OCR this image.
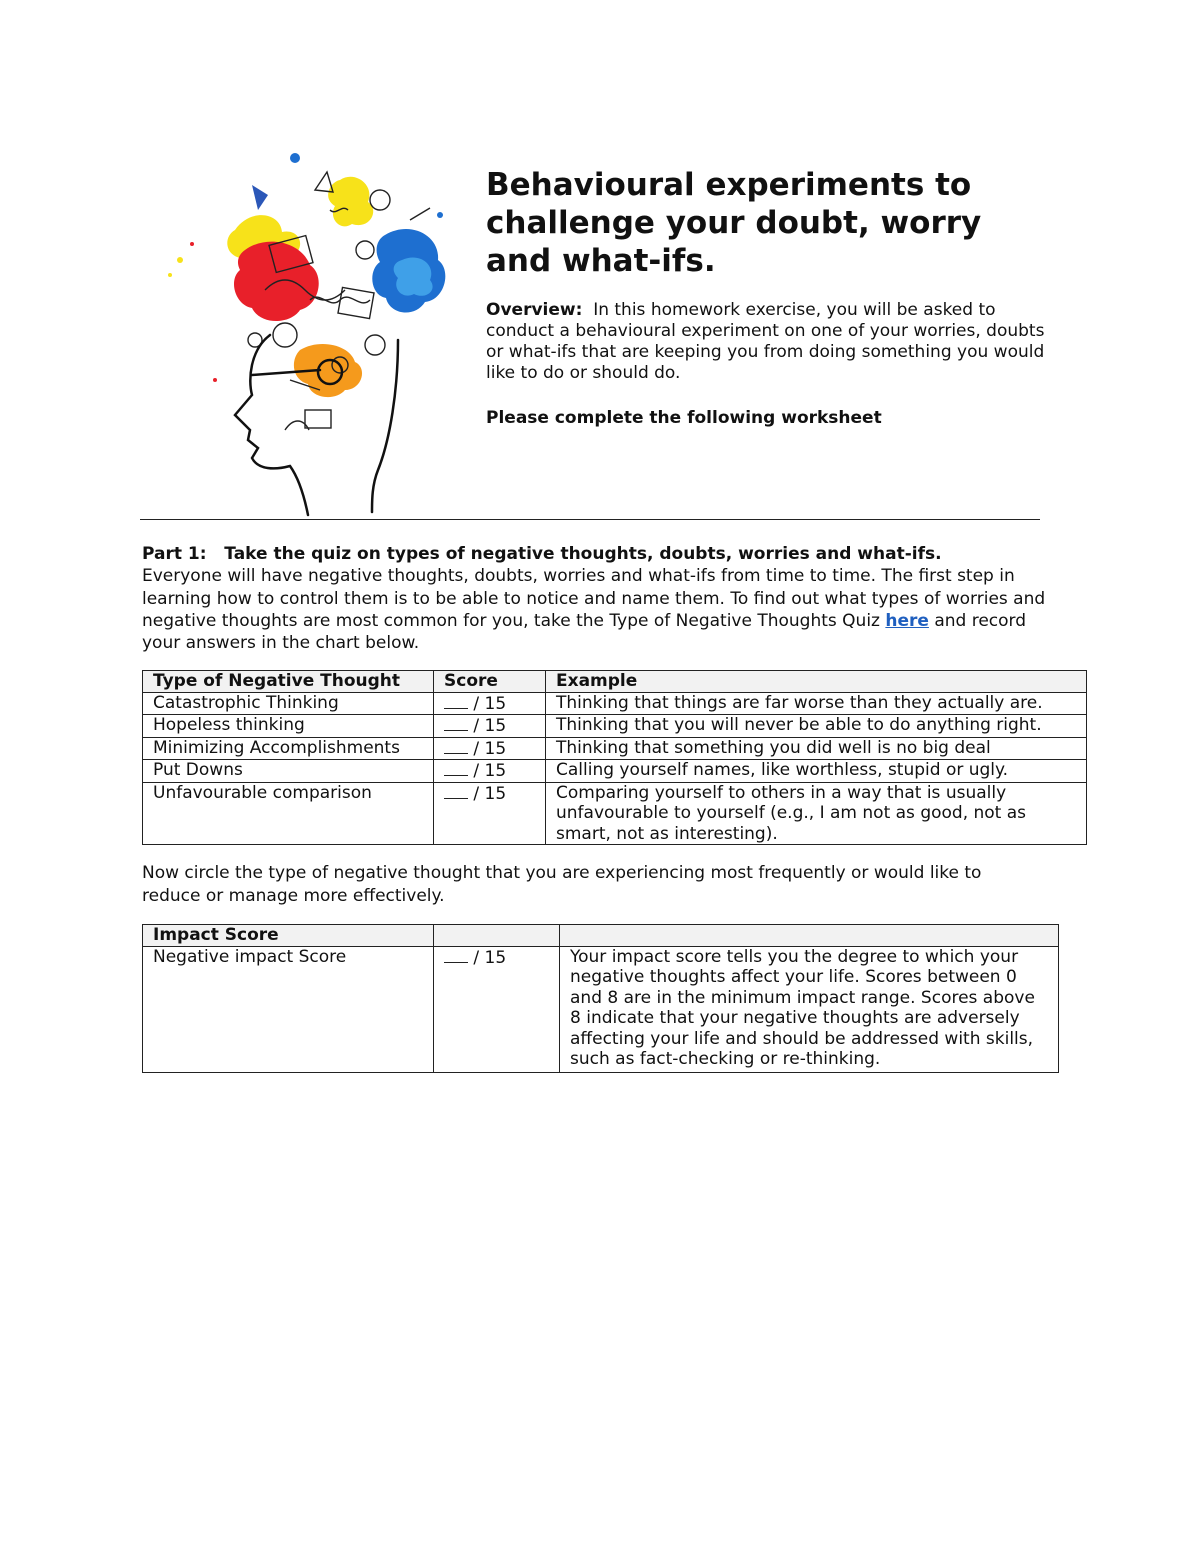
Behavioural experiments to challenge your doubt, worry and what-ifs.
Overview: In this homework exercise, you will be asked to conduct a behavioural experiment on one of your worries, doubts or what-ifs that are keeping you from doing something you would like to do or should do.
Please complete the following worksheet
Part 1:   Take the quiz on types of negative thoughts, doubts, worries and what-ifs.
Everyone will have negative thoughts, doubts, worries and what-ifs from time to time. The first step in learning how to control them is to be able to notice and name them. To find out what types of worries and negative thoughts are most common for you, take the Type of Negative Thoughts Quiz here and record your answers in the chart below.
Type of Negative Thought	Score	Example
Catastrophic Thinking	/ 15	Thinking that things are far worse than they actually are.
Hopeless thinking	/ 15	Thinking that you will never be able to do anything right.
Minimizing Accomplishments	/ 15	Thinking that something you did well is no big deal
Put Downs	/ 15	Calling yourself names, like worthless, stupid or ugly.
Unfavourable comparison	/ 15	Comparing yourself to others in a way that is usually unfavourable to yourself (e.g., I am not as good, not as smart, not as interesting).
Now circle the type of negative thought that you are experiencing most frequently or would like to reduce or manage more effectively.
Impact Score		
Negative impact Score	/ 15	Your impact score tells you the degree to which your negative thoughts affect your life. Scores between 0 and 8 are in the minimum impact range. Scores above 8 indicate that your negative thoughts are adversely affecting your life and should be addressed with skills, such as fact-checking or re-thinking.
